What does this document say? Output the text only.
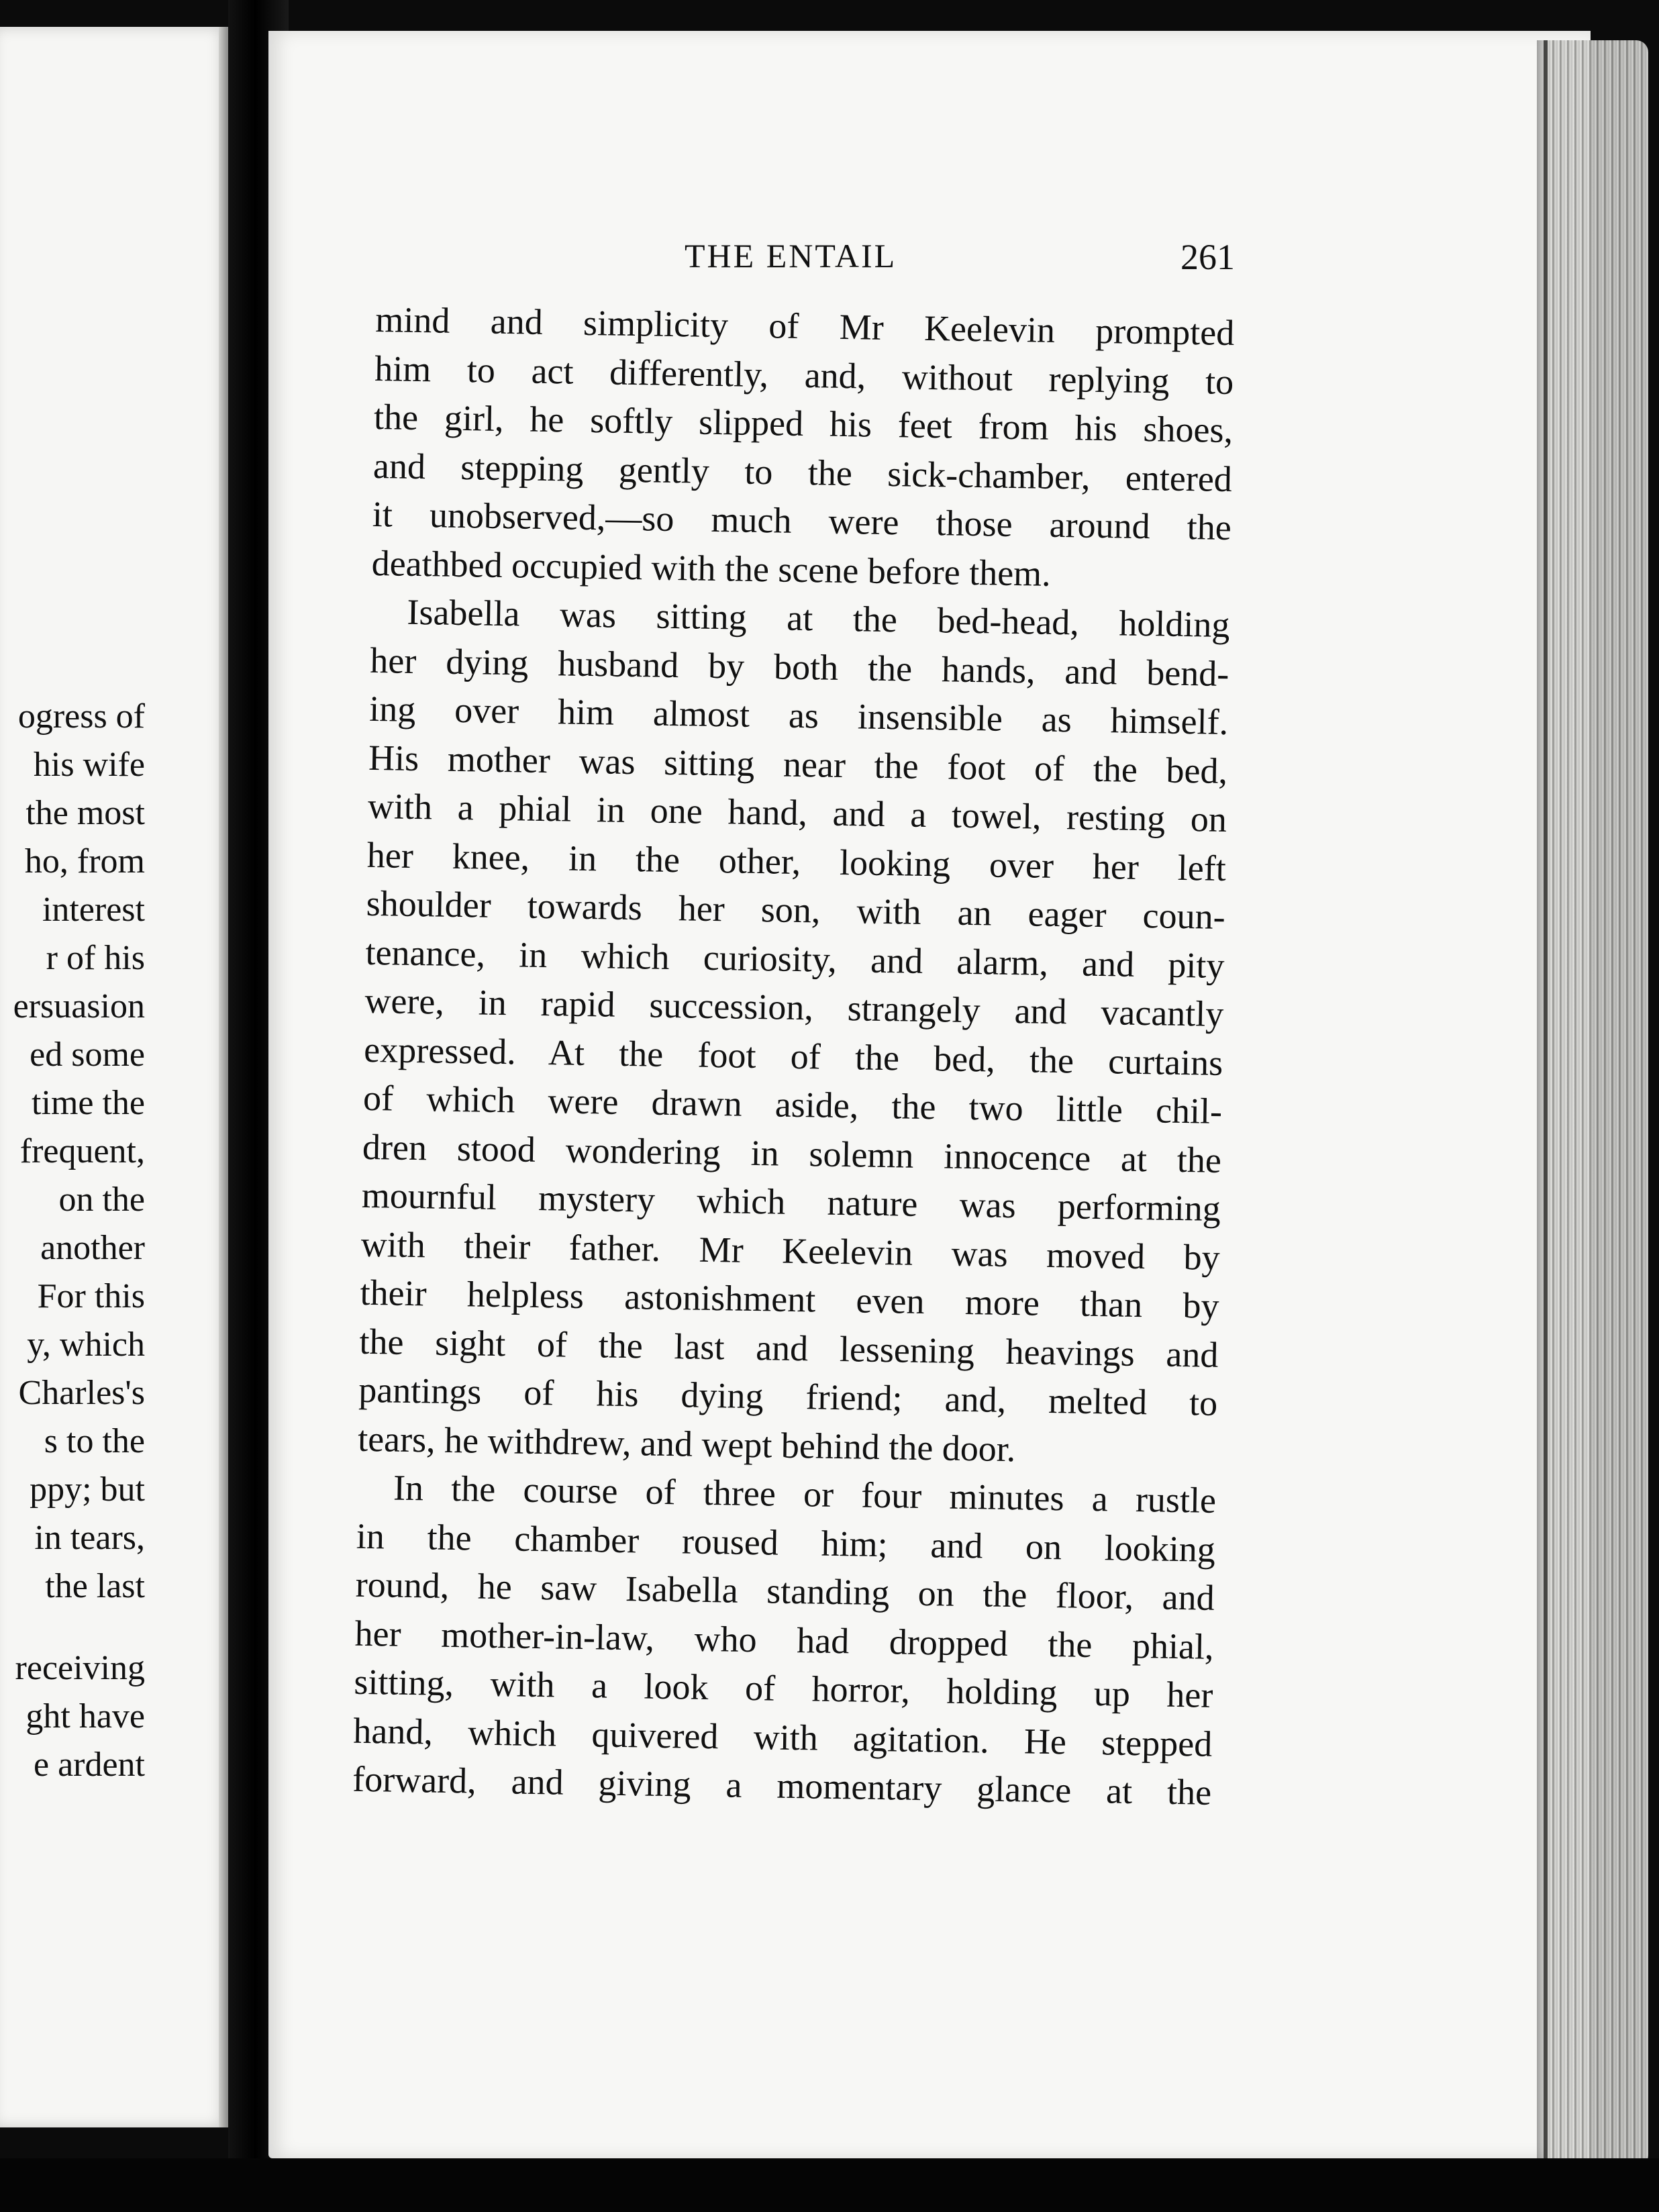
ogress of
his wife
the most
ho, from
interest
r of his
ersuasion
ed some
time the
frequent,
on the
another
For this
y, which
Charles's
s to the
ppy; but
in tears,
the last
receiving
ght have
e ardent
THE ENTAIL	261

mind and simplicity of Mr Keelevin prompted
him to act differently, and, without replying to
the girl, he softly slipped his feet from his shoes,
and stepping gently to the sick-chamber, entered
it unobserved,—so much were those around the
deathbed occupied with the scene before them.

Isabella was sitting at the bed-head, holding
her dying husband by both the hands, and bend-
ing over him almost as insensible as himself.
His mother was sitting near the foot of the bed,
with a phial in one hand, and a towel, resting on
her knee, in the other, looking over her left
shoulder towards her son, with an eager coun-
tenance, in which curiosity, and alarm, and pity
were, in rapid succession, strangely and vacantly
expressed. At the foot of the bed, the curtains
of which were drawn aside, the two little chil-
dren stood wondering in solemn innocence at the
mournful mystery which nature was performing
with their father. Mr Keelevin was moved by
their helpless astonishment even more than by
the sight of the last and lessening heavings and
pantings of his dying friend; and, melted to
tears, he withdrew, and wept behind the door.

In the course of three or four minutes a rustle
in the chamber roused him; and on looking
round, he saw Isabella standing on the floor, and
her mother-in-law, who had dropped the phial,
sitting, with a look of horror, holding up her
hand, which quivered with agitation. He stepped
forward, and giving a momentary glance at the
